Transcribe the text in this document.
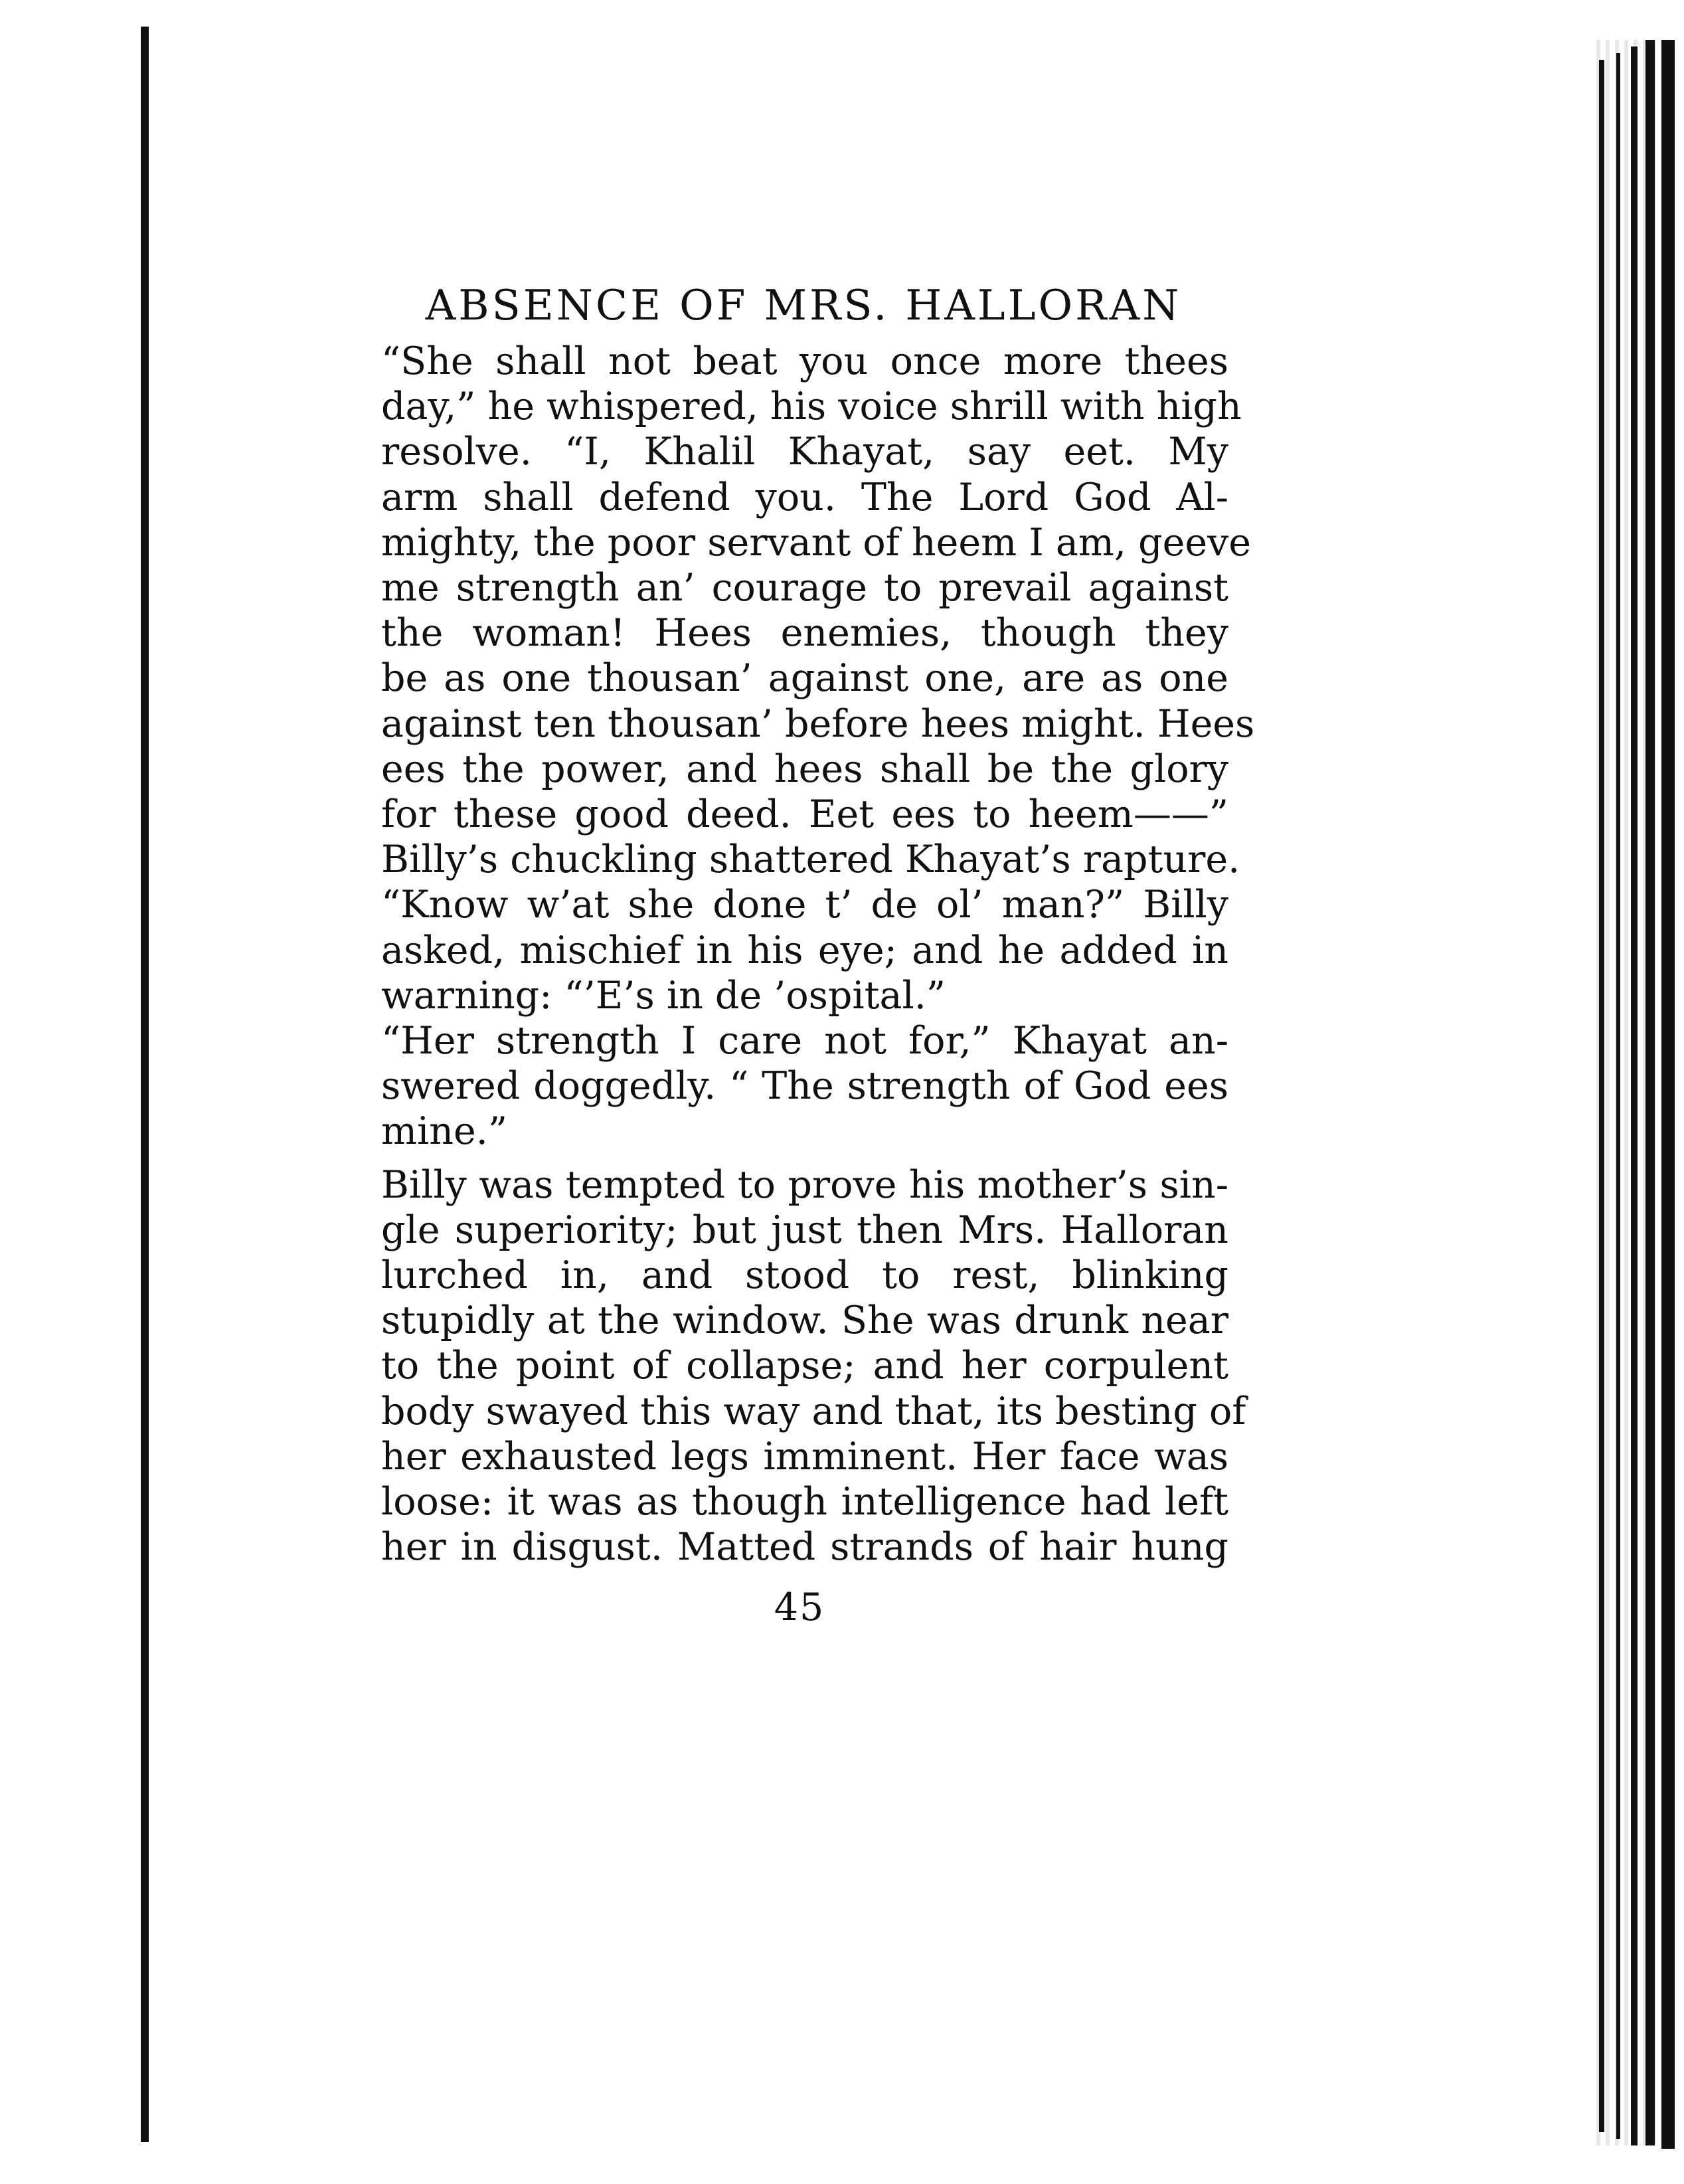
ABSENCE OF MRS. HALLORAN
“She shall not beat you once more thees
day,” he whispered, his voice shrill with high
resolve. “I, Khalil Khayat, say eet. My
arm shall defend you. The Lord God Al-
mighty, the poor servant of heem I am, geeve
me strength an’ courage to prevail against
the woman! Hees enemies, though they
be as one thousan’ against one, are as one
against ten thousan’ before hees might. Hees
ees the power, and hees shall be the glory
for these good deed. Eet ees to heem——”
Billy’s chuckling shattered Khayat’s rapture.
“Know w’at she done t’ de ol’ man?” Billy
asked, mischief in his eye; and he added in
warning: “’E’s in de ’ospital.”
“Her strength I care not for,” Khayat an-
swered doggedly. “ The strength of God ees
mine.”
Billy was tempted to prove his mother’s sin-
gle superiority; but just then Mrs. Halloran
lurched in, and stood to rest, blinking
stupidly at the window. She was drunk near
to the point of collapse; and her corpulent
body swayed this way and that, its besting of
her exhausted legs imminent. Her face was
loose: it was as though intelligence had left
her in disgust. Matted strands of hair hung
45
